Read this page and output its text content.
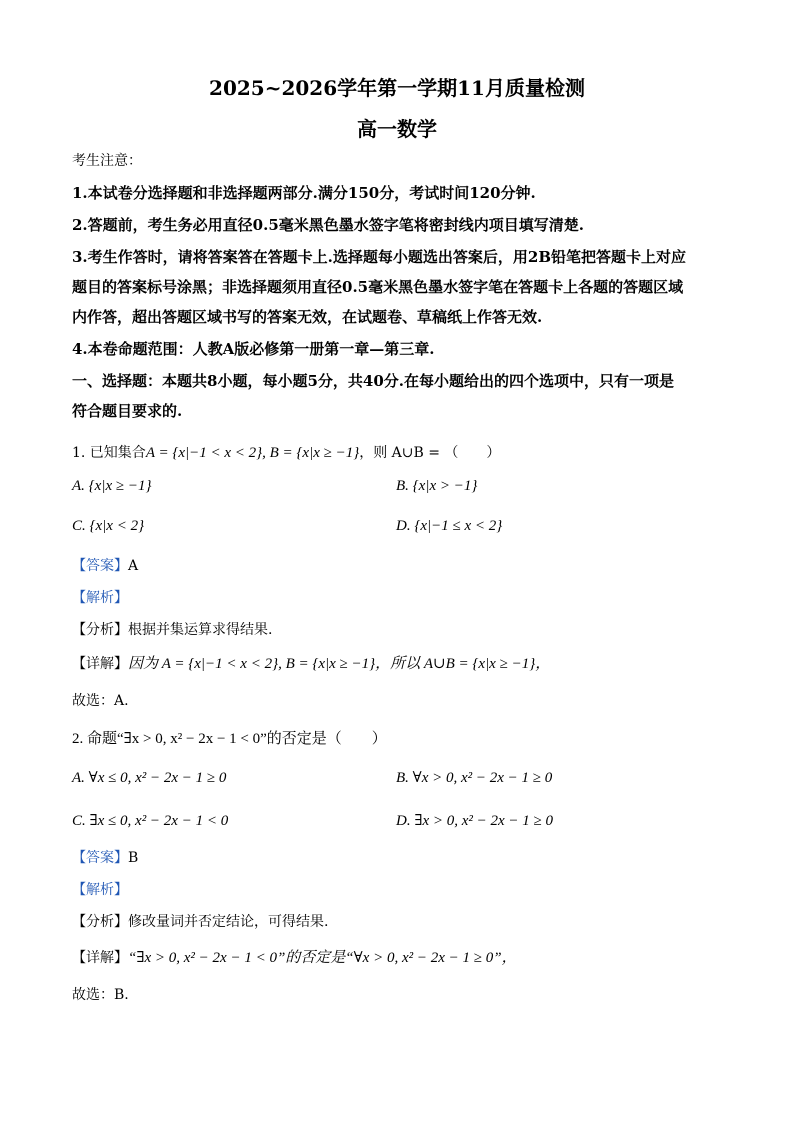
2025~2026学年第一学期11月质量检测
高一数学
考生注意：
1.本试卷分选择题和非选择题两部分.满分150分，考试时间120分钟.
2.答题前，考生务必用直径0.5毫米黑色墨水签字笔将密封线内项目填写清楚.
3.考生作答时，请将答案答在答题卡上.选择题每小题选出答案后，用2B铅笔把答题卡上对应
题目的答案标号涂黑；非选择题须用直径0.5毫米黑色墨水签字笔在答题卡上各题的答题区域
内作答，超出答题区域书写的答案无效，在试题卷、草稿纸上作答无效.
4.本卷命题范围：人教A版必修第一册第一章—第三章.
一、选择题：本题共8小题，每小题5分，共40分.在每小题给出的四个选项中，只有一项是
符合题目要求的.
1. 已知集合A = {x|−1 < x < 2}, B = {x|x ≥ −1}，则 A∪B = （　　）
A. {x|x ≥ −1}	B. {x|x > −1}
C. {x|x < 2}	D. {x|−1 ≤ x < 2}
【答案】A
【解析】
【分析】根据并集运算求得结果.
【详解】因为 A = {x|−1 < x < 2}, B = {x|x ≥ −1}，所以 A∪B = {x|x ≥ −1}，
故选：A.
2. 命题“∃x > 0, x² − 2x − 1 < 0”的否定是（　　）
A. ∀x ≤ 0, x² − 2x − 1 ≥ 0	B. ∀x > 0, x² − 2x − 1 ≥ 0
C. ∃x ≤ 0, x² − 2x − 1 < 0	D. ∃x > 0, x² − 2x − 1 ≥ 0
【答案】B
【解析】
【分析】修改量词并否定结论，可得结果.
【详解】“∃x > 0, x² − 2x − 1 < 0”的否定是“∀x > 0, x² − 2x − 1 ≥ 0”，
故选：B.
